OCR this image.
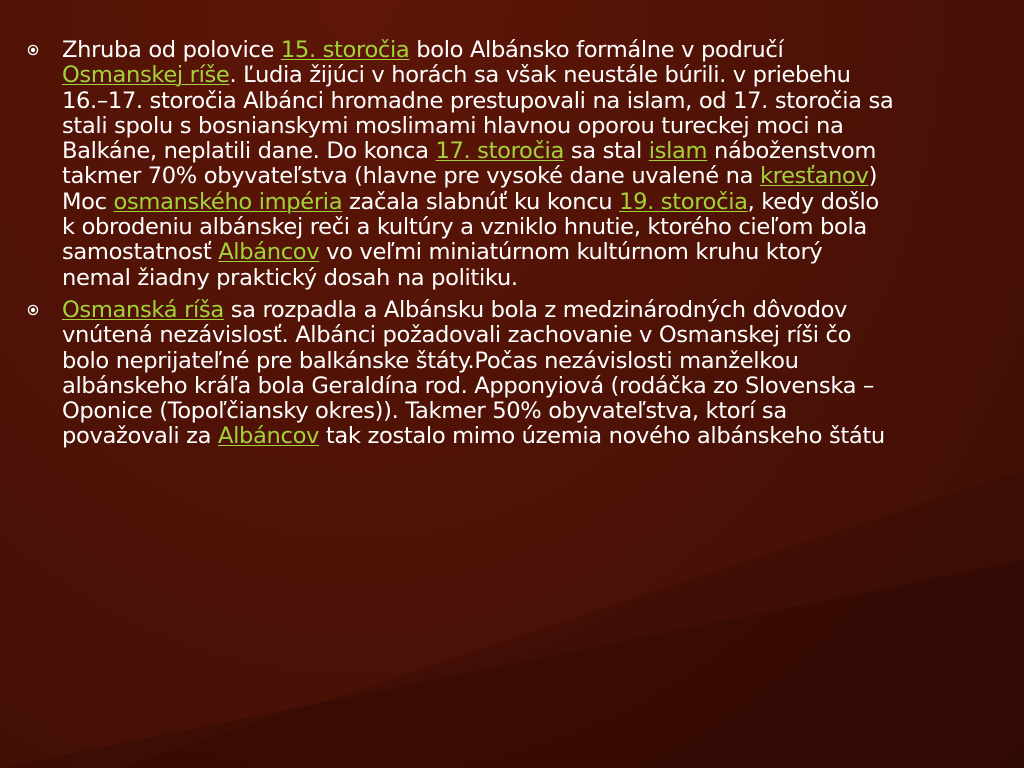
Zhruba od polovice 15. storočia bolo Albánsko formálne v područí Osmanskej ríše. Ľudia žijúci v horách sa však neustále búrili. v priebehu 16.–17. storočia Albánci hromadne prestupovali na islam, od 17. storočia sa stali spolu s bosnianskymi moslimami hlavnou oporou tureckej moci na Balkáne, neplatili dane. Do konca 17. storočia sa stal islam náboženstvom takmer 70% obyvateľstva (hlavne pre vysoké dane uvalené na kresťanov) Moc osmanského impéria začala slabnúť ku koncu 19. storočia, kedy došlo k obrodeniu albánskej reči a kultúry a vzniklo hnutie, ktorého cieľom bola samostatnosť Albáncov vo veľmi miniatúrnom kultúrnom kruhu ktorý nemal žiadny praktický dosah na politiku.
Osmanská ríša sa rozpadla a Albánsku bola z medzinárodných dôvodov vnútená nezávislosť. Albánci požadovali zachovanie v Osmanskej ríši čo bolo neprijateľné pre balkánske štáty.Počas nezávislosti manželkou albánskeho kráľa bola Geraldína rod. Apponyiová (rodáčka zo Slovenska – Oponice (Topoľčiansky okres)). Takmer 50% obyvateľstva, ktorí sa považovali za Albáncov tak zostalo mimo územia nového albánskeho štátu
